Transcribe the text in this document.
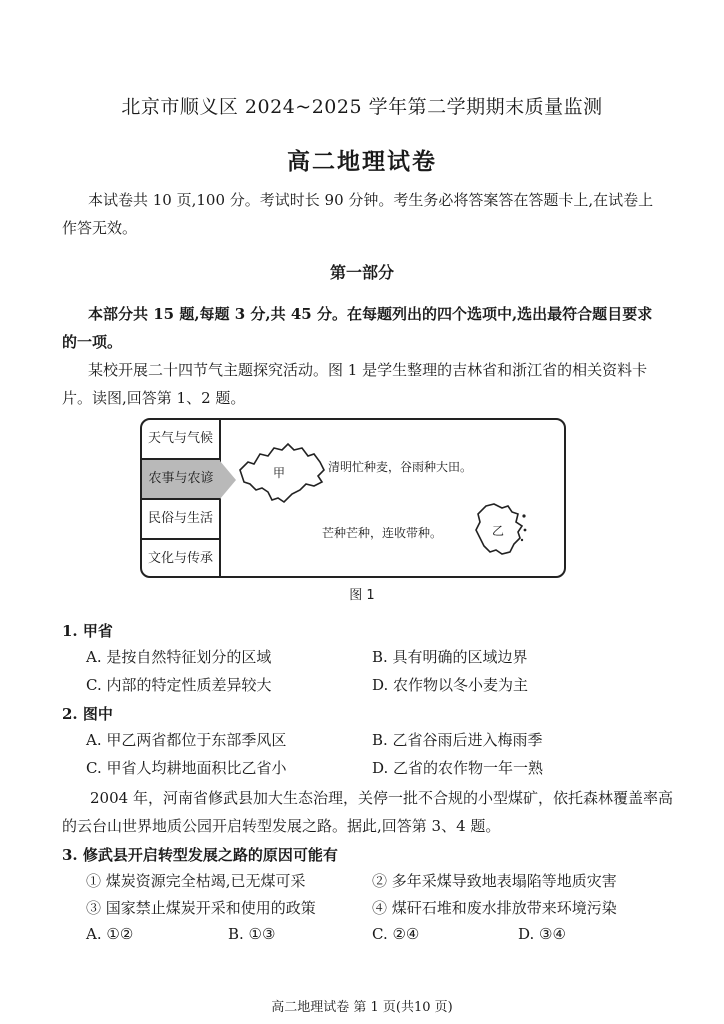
北京市顺义区 2024~2025 学年第二学期期末质量监测
高二地理试卷
本试卷共 10 页,100 分。考试时长 90 分钟。考生务必将答案答在答题卡上,在试卷上
作答无效。
第一部分
本部分共 15 题,每题 3 分,共 45 分。在每题列出的四个选项中,选出最符合题目要求
的一项。
某校开展二十四节气主题探究活动。图 1 是学生整理的吉林省和浙江省的相关资料卡
片。读图,回答第 1、2 题。
天气与气候
农事与农谚
民俗与生活
文化与传承
甲	清明忙种麦，谷雨种大田。
乙
芒种芒种，连收带种。
图 1
1. 甲省
A. 是按自然特征划分的区域	B. 具有明确的区域边界
C. 内部的特定性质差异较大	D. 农作物以冬小麦为主
2. 图中
A. 甲乙两省都位于东部季风区	B. 乙省谷雨后进入梅雨季
C. 甲省人均耕地面积比乙省小	D. 乙省的农作物一年一熟
2004 年，河南省修武县加大生态治理，关停一批不合规的小型煤矿，依托森林覆盖率高
的云台山世界地质公园开启转型发展之路。据此,回答第 3、4 题。
3. 修武县开启转型发展之路的原因可能有
① 煤炭资源完全枯竭,已无煤可采	② 多年采煤导致地表塌陷等地质灾害
③ 国家禁止煤炭开采和使用的政策	④ 煤矸石堆和废水排放带来环境污染
A. ①②	B. ①③	C. ②④	D. ③④
高二地理试卷 第 1 页(共10 页)
